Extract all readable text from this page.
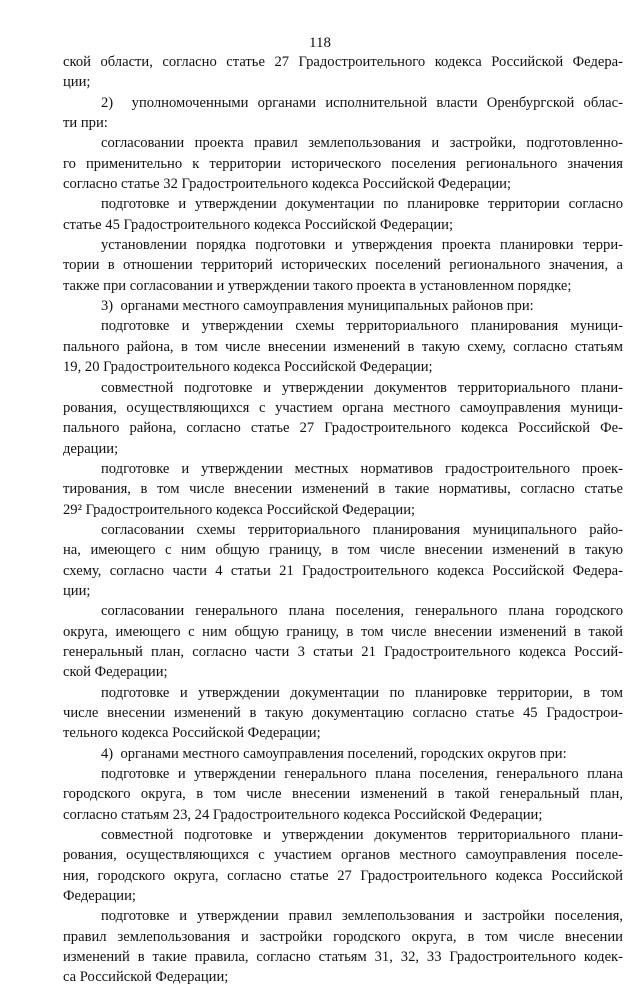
118
ской области, согласно статье 27 Градостроительного кодекса Российской Федера-
ции;
2)  уполномоченными органами исполнительной власти Оренбургской облас-
ти при:
согласовании проекта правил землепользования и застройки, подготовленно-
го применительно к территории исторического поселения регионального значения
согласно статье 32 Градостроительного кодекса Российской Федерации;
подготовке и утверждении документации по планировке территории согласно
статье 45 Градостроительного кодекса Российской Федерации;
установлении порядка подготовки и утверждения проекта планировки терри-
тории в отношении территорий исторических поселений регионального значения, а
также при согласовании и утверждении такого проекта в установленном порядке;
3)  органами местного самоуправления муниципальных районов при:
подготовке и утверждении схемы территориального планирования муници-
пального района, в том числе внесении изменений в такую схему, согласно статьям
19, 20 Градостроительного кодекса Российской Федерации;
совместной подготовке и утверждении документов территориального плани-
рования, осуществляющихся с участием органа местного самоуправления муници-
пального района, согласно статье 27 Градостроительного кодекса Российской Фе-
дерации;
подготовке и утверждении местных нормативов градостроительного проек-
тирования, в том числе внесении изменений в такие нормативы, согласно статье
29² Градостроительного кодекса Российской Федерации;
согласовании схемы территориального планирования муниципального райо-
на, имеющего с ним общую границу, в том числе внесении изменений в такую
схему, согласно части 4 статьи 21 Градостроительного кодекса Российской Федера-
ции;
согласовании генерального плана поселения, генерального плана городского
округа, имеющего с ним общую границу, в том числе внесении изменений в такой
генеральный план, согласно части 3 статьи 21 Градостроительного кодекса Россий-
ской Федерации;
подготовке и утверждении документации по планировке территории, в том
числе внесении изменений в такую документацию согласно статье 45 Градострои-
тельного кодекса Российской Федерации;
4)  органами местного самоуправления поселений, городских округов при:
подготовке и утверждении генерального плана поселения, генерального плана
городского округа, в том числе внесении изменений в такой генеральный план,
согласно статьям 23, 24 Градостроительного кодекса Российской Федерации;
совместной подготовке и утверждении документов территориального плани-
рования, осуществляющихся с участием органов местного самоуправления поселе-
ния, городского округа, согласно статье 27 Градостроительного кодекса Российской
Федерации;
подготовке и утверждении правил землепользования и застройки поселения,
правил землепользования и застройки городского округа, в том числе внесении
изменений в такие правила, согласно статьям 31, 32, 33 Градостроительного кодек-
са Российской Федерации;
